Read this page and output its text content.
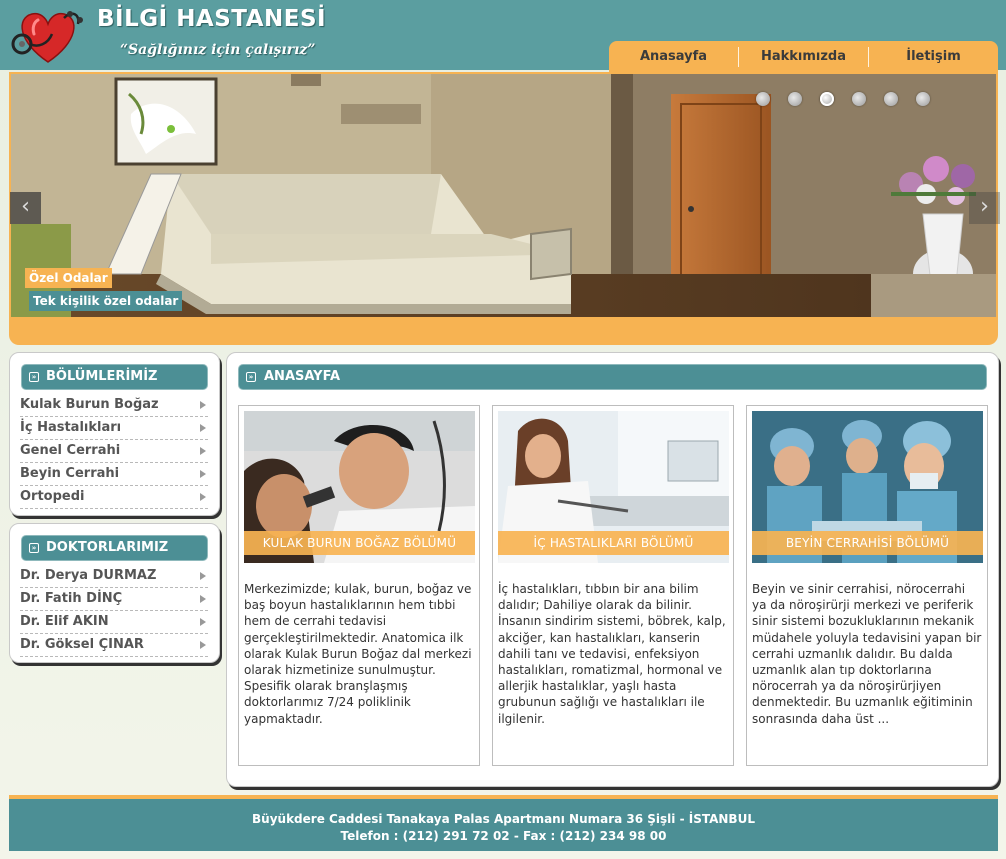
BİLGİ HASTANESİ
“Sağlığınız için çalışırız”	Anasayfa	Hakkımızda	İletişim
‹	›
Özel Odalar
Tek kişilik özel odalar
» BÖLÜMLERİMİZ
Kulak Burun Boğaz
İç Hastalıkları
Genel Cerrahi
Beyin Cerrahi
Ortopedi
» DOKTORLARIMIZ
Dr. Derya DURMAZ
Dr. Fatih DİNÇ
Dr. Elif AKIN
Dr. Göksel ÇINAR
» ANASAYFA
KULAK BURUN BOĞAZ BÖLÜMÜ
Merkezimizde; kulak, burun, boğaz ve baş boyun hastalıklarının hem tıbbi hem de cerrahi tedavisi gerçekleştirilmektedir. Anatomica ilk olarak Kulak Burun Boğaz dal merkezi olarak hizmetinize sunulmuştur. Spesifik olarak branşlaşmış doktorlarımız 7/24 poliklinik yapmaktadır.
İÇ HASTALIKLARI BÖLÜMÜ
İç hastalıkları, tıbbın bir ana bilim dalıdır; Dahiliye olarak da bilinir. İnsanın sindirim sistemi, böbrek, kalp, akciğer, kan hastalıkları, kanserin dahili tanı ve tedavisi, enfeksiyon hastalıkları, romatizmal, hormonal ve allerjik hastalıklar, yaşlı hasta grubunun sağlığı ve hastalıkları ile ilgilenir.
BEYİN CERRAHİSİ BÖLÜMÜ
Beyin ve sinir cerrahisi, nörocerrahi ya da nöroşirürji merkezi ve periferik sinir sistemi bozukluklarının mekanik müdahele yoluyla tedavisini yapan bir cerrahi uzmanlık dalıdır. Bu dalda uzmanlık alan tıp doktorlarına nörocerrah ya da nöroşirürjiyen denmektedir. Bu uzmanlık eğitiminin sonrasında daha üst ...
Büyükdere Caddesi Tanakaya Palas Apartmanı Numara 36 Şişli - İSTANBUL
Telefon : (212) 291 72 02 - Fax : (212) 234 98 00
